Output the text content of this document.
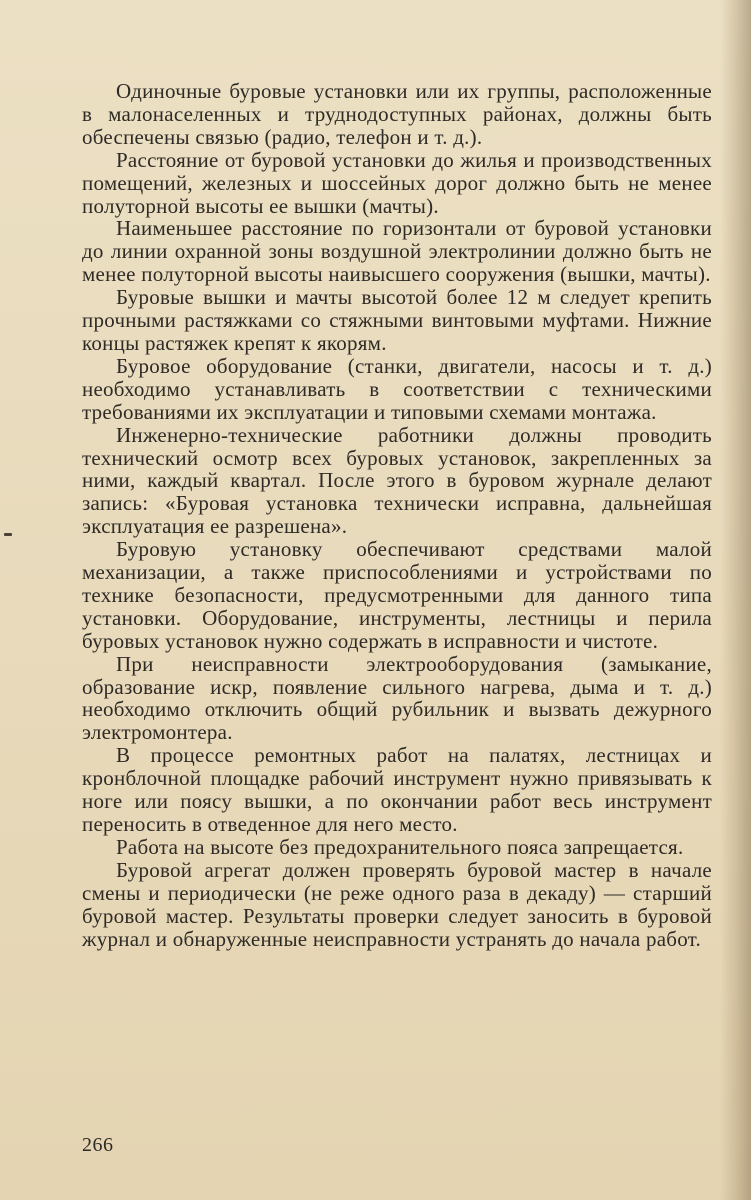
Одиночные буровые установки или их группы, расположенные в малонаселенных и труднодоступных районах, должны быть обеспечены связью (радио, телефон и т. д.).

Расстояние от буровой установки до жилья и производственных помещений, железных и шоссейных дорог должно быть не менее полуторной высоты ее вышки (мачты).

Наименьшее расстояние по горизонтали от буровой установки до линии охранной зоны воздушной электролинии должно быть не менее полуторной высоты наивысшего сооружения (вышки, мачты).

Буровые вышки и мачты высотой более 12 м следует крепить прочными растяжками со стяжными винтовыми муфтами. Нижние концы растяжек крепят к якорям.

Буровое оборудование (станки, двигатели, насосы и т. д.) необходимо устанавливать в соответствии с техническими требованиями их эксплуатации и типовыми схемами монтажа.

Инженерно-технические работники должны проводить технический осмотр всех буровых установок, закрепленных за ними, каждый квартал. После этого в буровом журнале делают запись: «Буровая установка технически исправна, дальнейшая эксплуатация ее разрешена».

Буровую установку обеспечивают средствами малой механизации, а также приспособлениями и устройствами по технике безопасности, предусмотренными для данного типа установки. Оборудование, инструменты, лестницы и перила буровых установок нужно содержать в исправности и чистоте.

При неисправности электрооборудования (замыкание, образование искр, появление сильного нагрева, дыма и т. д.) необходимо отключить общий рубильник и вызвать дежурного электромонтера.

В процессе ремонтных работ на палатях, лестницах и кронблочной площадке рабочий инструмент нужно привязывать к ноге или поясу вышки, а по окончании работ весь инструмент переносить в отведенное для него место.

Работа на высоте без предохранительного пояса запрещается.

Буровой агрегат должен проверять буровой мастер в начале смены и периодически (не реже одного раза в декаду) — старший буровой мастер. Результаты проверки следует заносить в буровой журнал и обнаруженные неисправности устранять до начала работ.

266
